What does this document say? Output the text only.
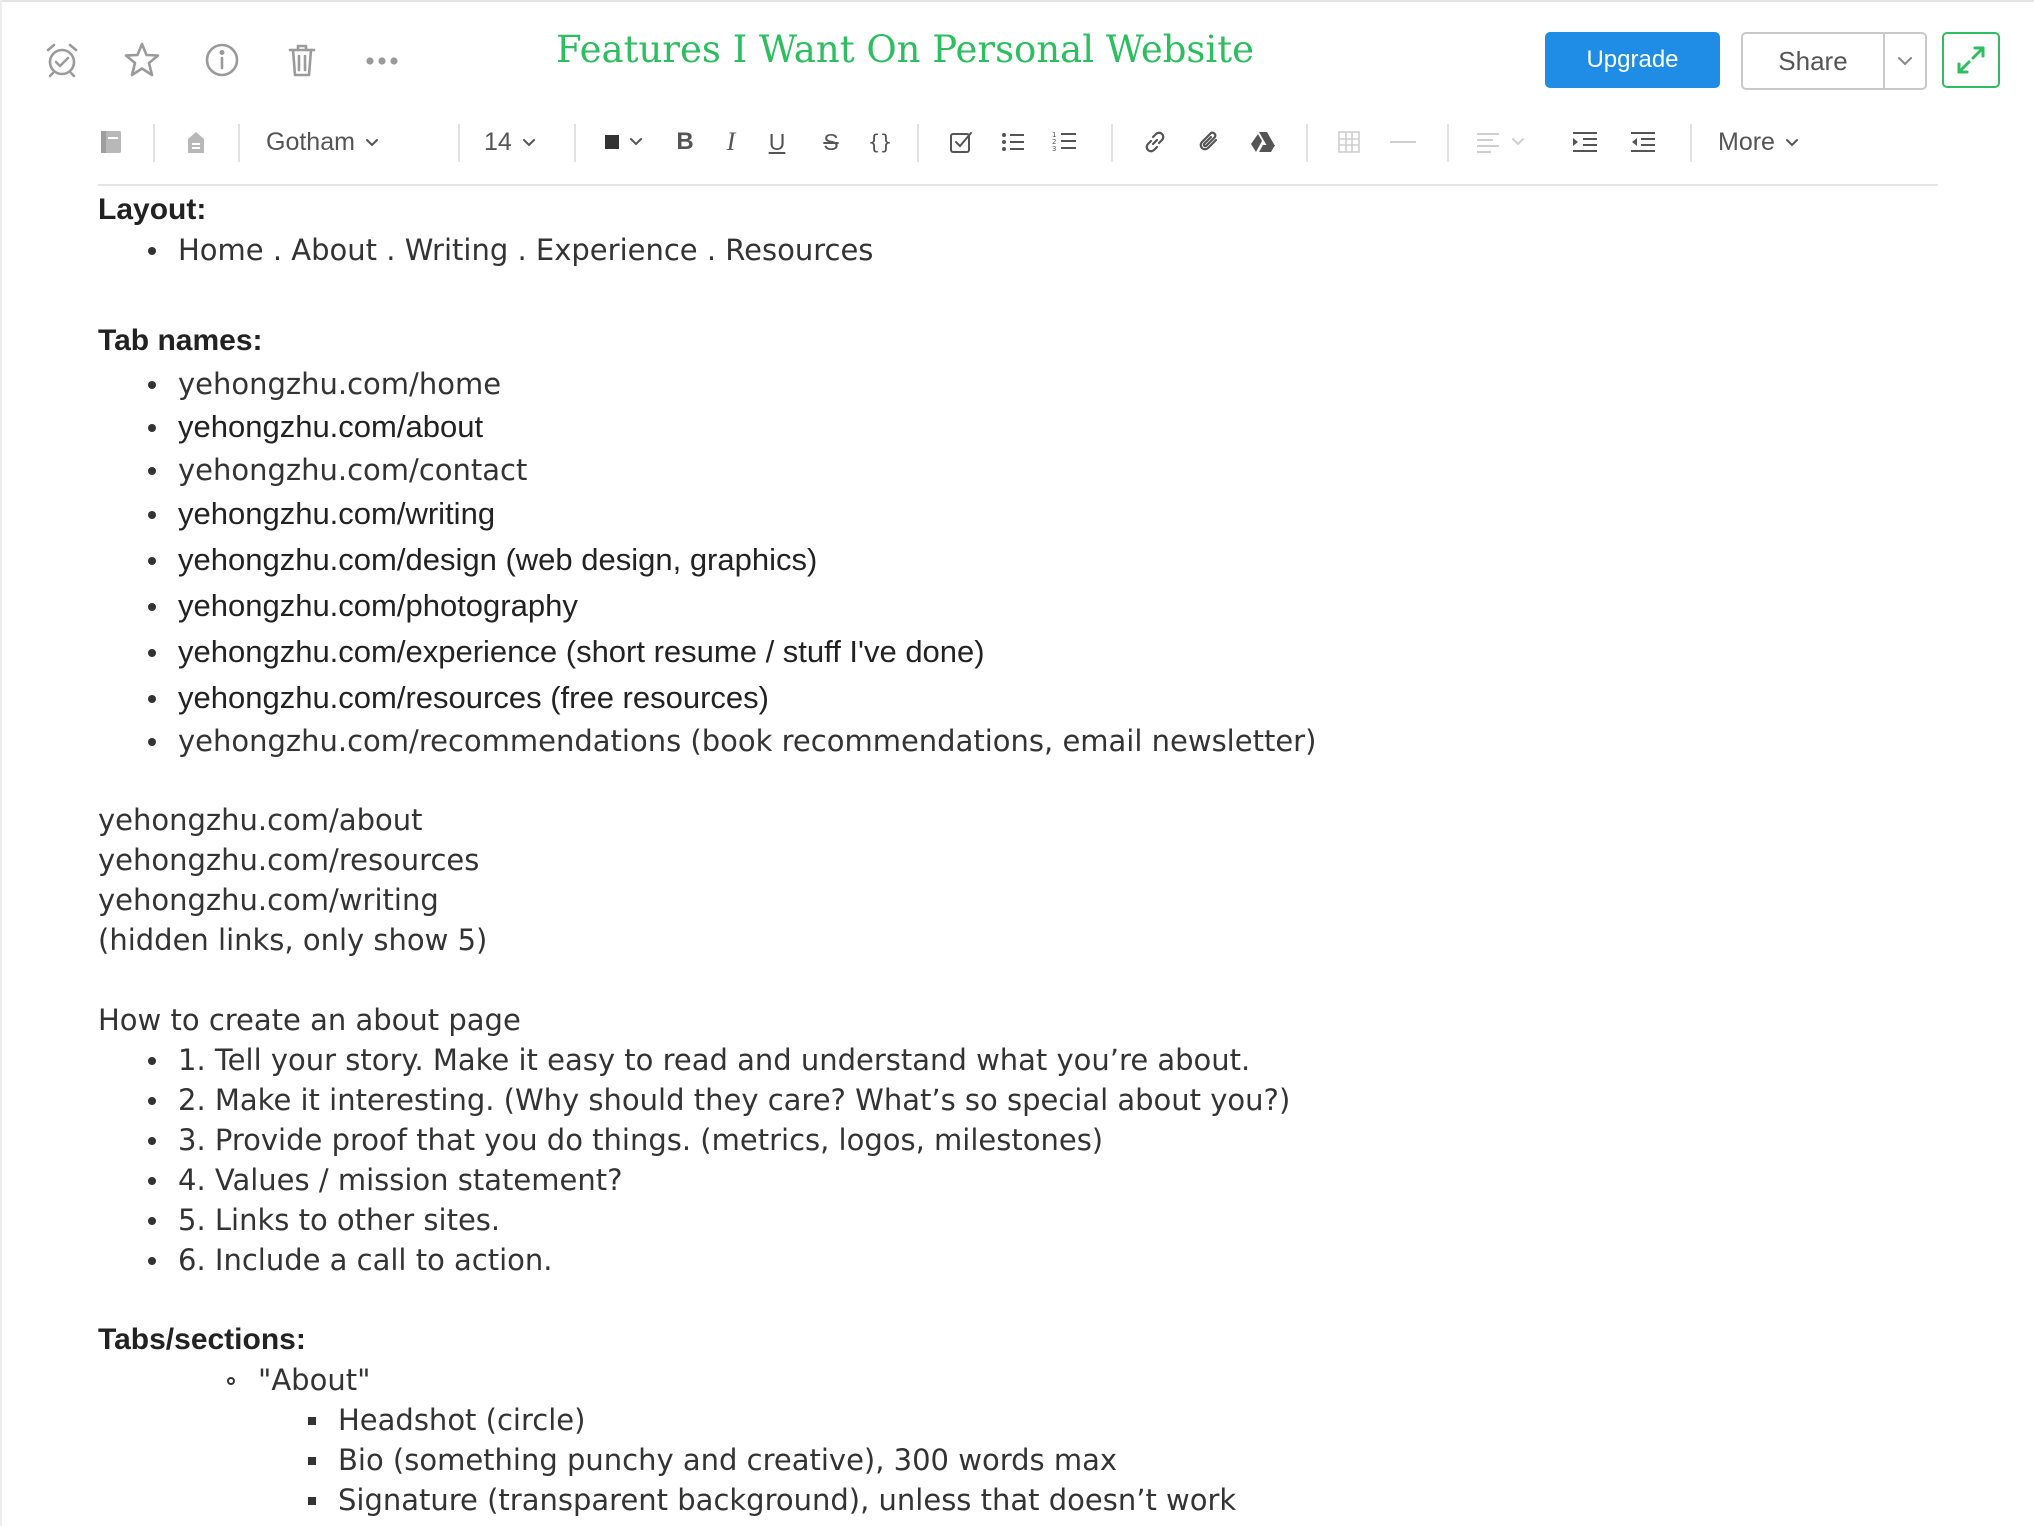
Features I Want On Personal Website	Upgrade	Share
Gotham	14	B I U S {}	1
2
3	More
Layout:
Home . About . Writing . Experience . Resources
Tab names:
yehongzhu.com/home
yehongzhu.com/about
yehongzhu.com/contact
yehongzhu.com/writing
yehongzhu.com/design (web design, graphics)
yehongzhu.com/photography
yehongzhu.com/experience (short resume / stuff I've done)
yehongzhu.com/resources (free resources)
yehongzhu.com/recommendations (book recommendations, email newsletter)
yehongzhu.com/about
yehongzhu.com/resources
yehongzhu.com/writing
(hidden links, only show 5)
How to create an about page
1. Tell your story. Make it easy to read and understand what you’re about.
2. Make it interesting. (Why should they care? What’s so special about you?)
3. Provide proof that you do things. (metrics, logos, milestones)
4. Values / mission statement?
5. Links to other sites.
6. Include a call to action.
Tabs/sections:
"About"
Headshot (circle)
Bio (something punchy and creative), 300 words max
Signature (transparent background), unless that doesn’t work
